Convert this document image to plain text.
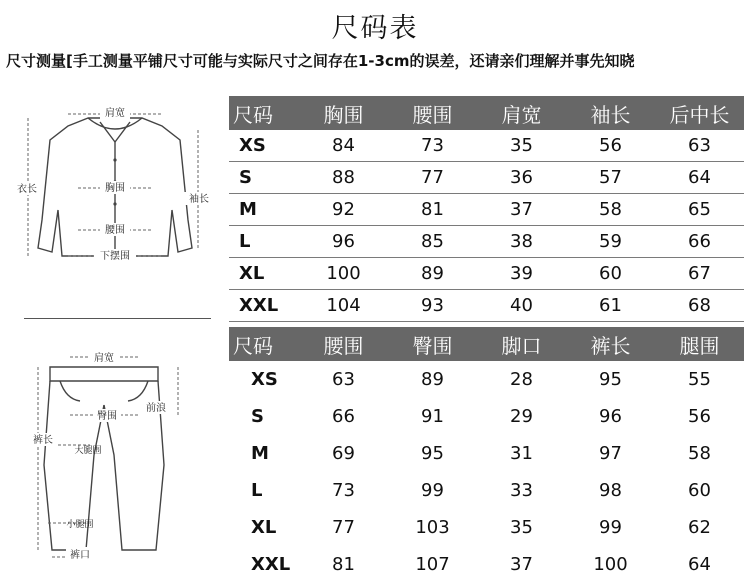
尺码表
尺寸测量[手工测量平铺尺寸可能与实际尺寸之间存在1-3cm的误差，还请亲们理解并事先知晓
肩宽
衣长	胸围
袖长
腰围
下摆围
肩宽
前浪
臀围
裤长
大腿围
小腿围
裤口
尺码	胸围	腰围	肩宽	袖长	后中长
XS	84	73	35	56	63
S	88	77	36	57	64
M	92	81	37	58	65
L	96	85	38	59	66
XL	100	89	39	60	67
XXL	104	93	40	61	68
尺码	腰围	臀围	脚口	裤长	腿围
XS	63	89	28	95	55
S	66	91	29	96	56
M	69	95	31	97	58
L	73	99	33	98	60
XL	77	103	35	99	62
XXL	81	107	37	100	64
